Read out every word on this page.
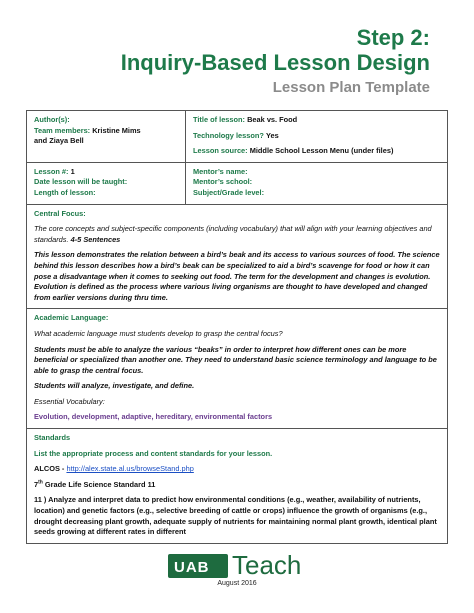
Step 2:
Inquiry-Based Lesson Design
Lesson Plan Template
Author(s):
Team members: Kristine Mims
and Ziaya Bell
Title of lesson: Beak vs. Food
Technology lesson? Yes
Lesson source: Middle School Lesson Menu (under files)
Lesson #: 1
Date lesson will be taught:
Length of lesson:
Mentor’s name:
Mentor’s school:
Subject/Grade level:
Central Focus:
The core concepts and subject-specific components (including vocabulary) that will align with your learning objectives and standards. 4-5 Sentences
This lesson demonstrates the relation between a bird’s beak and its access to various sources of food. The science behind this lesson describes how a bird’s beak can be specialized to aid a bird’s scavenge for food or how it can pose a disadvantage when it comes to seeking out food. The term for the development and changes is evolution. Evolution is defined as the process where various living organisms are thought to have developed and changed from earlier versions during thru time.
Academic Language:
What academic language must students develop to grasp the central focus?
Students must be able to analyze the various “beaks” in order to interpret how different ones can be more beneficial or specialized than another one. They need to understand basic science terminology and language to be able to grasp the central focus.
Students will analyze, investigate, and define.
Essential Vocabulary:
Evolution, development, adaptive, hereditary, environmental factors
Standards
List the appropriate process and content standards for your lesson.
ALCOS - http://alex.state.al.us/browseStand.php
7th Grade Life Science Standard 11
11 ) Analyze and interpret data to predict how environmental conditions (e.g., weather, availability of nutrients, location) and genetic factors (e.g., selective breeding of cattle or crops) influence the growth of organisms (e.g., drought decreasing plant growth, adequate supply of nutrients for maintaining normal plant growth, identical plant seeds growing at different rates in different
UAB Teach
August 2016
